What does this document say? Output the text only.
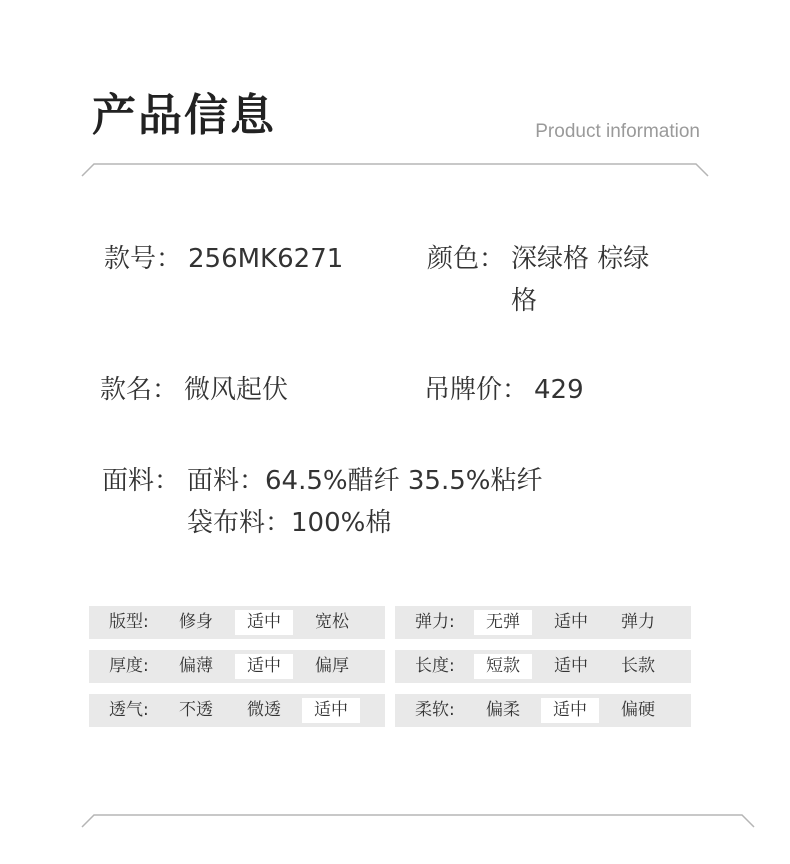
产品信息	Product information
款号： 256MK6271	颜色： 深绿格 棕绿格
款名： 微风起伏	吊牌价： 429
面料： 面料：64.5%醋纤 35.5%粘纤
袋布料：100%棉
版型:	修身	适中	宽松	弹力:	无弹	适中	弹力
厚度:	偏薄	适中	偏厚	长度:	短款	适中	长款
透气:	不透	微透	适中	柔软:	偏柔	适中	偏硬
